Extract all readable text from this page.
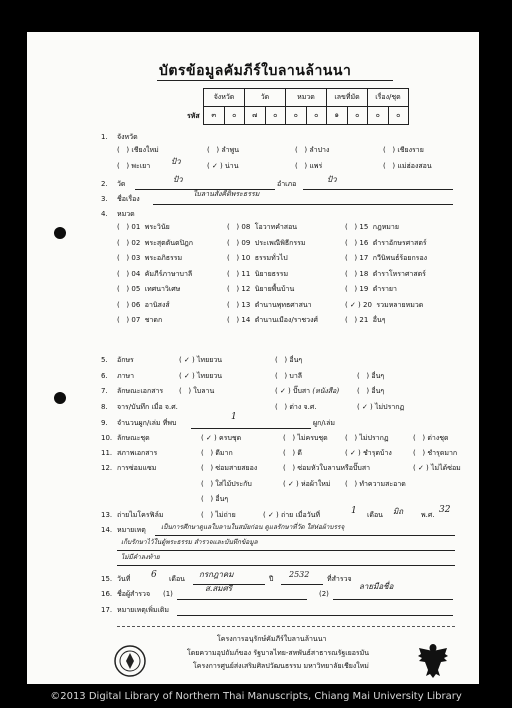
บัตรข้อมูลคัมภีร์ใบลานล้านนา
รหัส
จังหวัด		วัด		หมวด		เลขที่มัด		เรื่อง/ชุด	
๓	๐	๗	๐	๐	๐	๑	๐	๐	๐
1. จังหวัด
(   ) เชียงใหม่	(   ) ลำพูน	(   ) ลำปาง	(   ) เชียงราย
(   ) พะเยา	( ✓ ) น่าน	(   ) แพร่	(   ) แม่ฮ่องสอน
ปัว
2. วัด	ปัว	อำเภอ	ปัว
ใบลานสังคีติพระธรรม
3. ชื่อเรื่อง
4. หมวด
(   ) 01 พระวินัย
(   ) 02 พระสุตตันตปิฎก
(   ) 03 พระอภิธรรม
(   ) 04 คัมภีร์ภาษาบาลี
(   ) 05 เทศนาวิเศษ
(   ) 06 อานิสงส์
(   ) 07 ชาดก
(   ) 08 โอวาทคำสอน
(   ) 09 ประเพณีพิธีกรรม
(   ) 10 ธรรมทั่วไป
(   ) 11 นิยายธรรม
(   ) 12 นิยายพื้นบ้าน
(   ) 13 ตำนานพุทธศาสนา
(   ) 14 ตำนานเมือง/ราชวงศ์
(   ) 15 กฎหมาย
(   ) 16 ตำราอักษรศาสตร์
(   ) 17 กวีนิพนธ์ร้อยกรอง
(   ) 18 ตำราโหราศาสตร์
(   ) 19 ตำรายา
( ✓ ) 20 รวมหลายหมวด
(   ) 21 อื่นๆ
5. อักษร	( ✓ ) ไทยยวน	(   ) อื่นๆ
6. ภาษา	( ✓ ) ไทยยวน	(   ) บาลี	(   ) อื่นๆ
7. ลักษณะเอกสาร (   ) ใบลาน	( ✓ ) ปั๊บสา (หนังสือ)	(   ) อื่นๆ
8. จาร/บันทึก เมื่อ จ.ศ.	(   ) ต่าง จ.ศ.	( ✓ ) ไม่ปรากฏ
9. จำนวนผูก/เล่ม ที่พบ
1
ผูก/เล่ม
10. ลักษณะชุด	( ✓ ) ครบชุด	(   ) ไม่ครบชุด (   ) ไม่ปรากฏ	(   ) ต่างชุด
11. สภาพเอกสาร	(   ) ดีมาก	(   ) ดี	( ✓ ) ชำรุดบ้าง	(   ) ชำรุดมาก
12. การซ่อมแซม	(   ) ซ่อมสายสยอง	(   ) ซ่อมหัวใบลานหรือปั๊บสา	( ✓ ) ไม่ได้ซ่อม
(   ) ใส่ไม้ประกับ	( ✓ ) ห่อผ้าใหม่ (   ) ทำความสะอาด
(   ) อื่นๆ
13. ถ่ายไมโครฟิล์ม	(   ) ไม่ถ่าย	( ✓ ) ถ่าย เมื่อวันที่	1 เดือน มิถ	พ.ศ. 32
14. หมายเหตุ เป็นการศึกษาดูแลใบลานในสมัยก่อน ดูแลรักษาที่วัด ใส่ห่อผ้าบรรจุ
เก็บรักษาไว้ในตู้พระธรรม สำรวจและบันทึกข้อมูล
ไม่มีคำลงท้าย
15. วันที่ 6 เดือน กรกฎาคม	ปี 2532	ที่สำรวจ
16. ชื่อผู้สำรวจ (1)
ส.สมศรี
(2)
ลายมือชื่อ
17. หมายเหตุเพิ่มเติม
โครงการอนุรักษ์คัมภีร์ใบลานล้านนา
โดยความอุปถัมภ์ของ รัฐบาลไทย-สหพันธ์สาธารณรัฐเยอรมัน
โครงการศูนย์ส่งเสริมศิลปวัฒนธรรม มหาวิทยาลัยเชียงใหม่
©2013 Digital Library of Northern Thai Manuscripts, Chiang Mai University Library
